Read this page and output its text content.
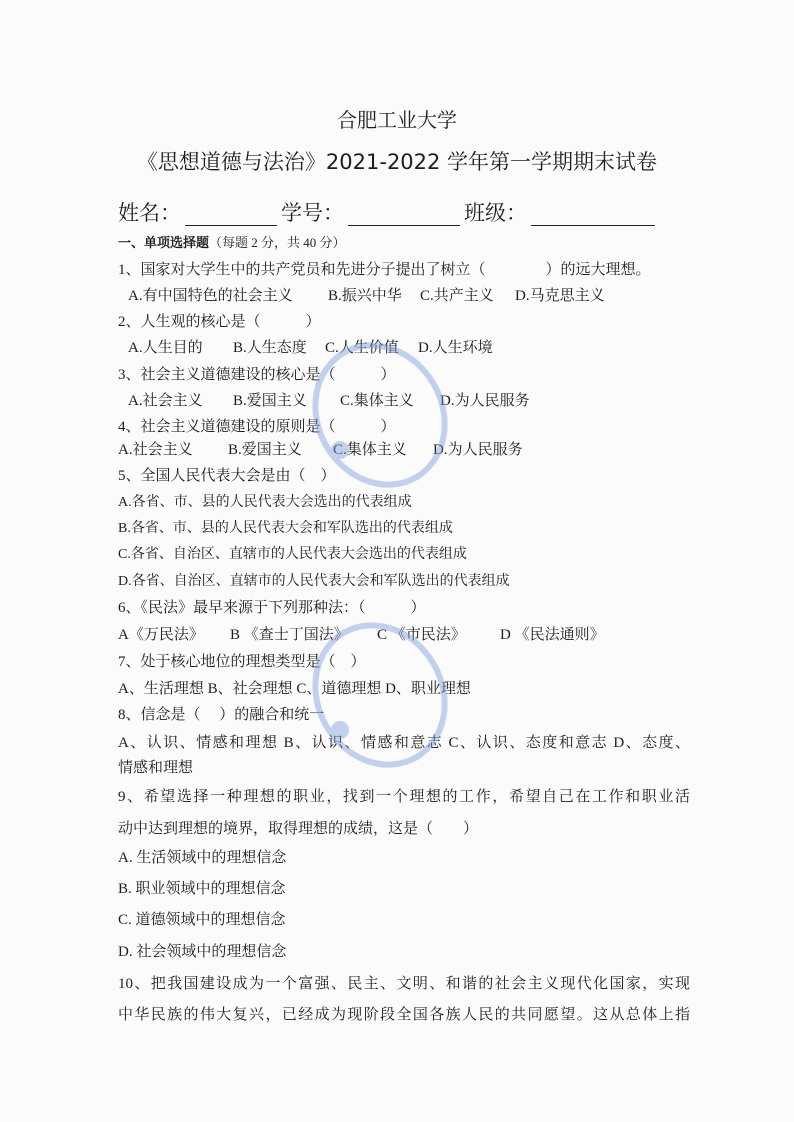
合肥工业大学
《思想道德与法治》2021-2022 学年第一学期期末试卷
姓名：	学号：	班级：
一、单项选择题（每题 2 分，共 40 分）
1、国家对大学生中的共产党员和先进分子提出了树立（　　　　）的远大理想。
A.有中国特色的社会主义 B.振兴中华 C.共产主义 D.马克思主义
2、人生观的核心是（　　　）
A.人生目的 B.人生态度 C.人生价值 D.人生环境
3、社会主义道德建设的核心是（　　　）
A.社会主义 B.爱国主义 C.集体主义 D.为人民服务
4、社会主义道德建设的原则是（　　　）
A.社会主义 B.爱国主义 C.集体主义 D.为人民服务
5、全国人民代表大会是由（　）
A.各省、市、县的人民代表大会选出的代表组成
B.各省、市、县的人民代表大会和军队选出的代表组成
C.各省、自治区、直辖市的人民代表大会选出的代表组成
D.各省、自治区、直辖市的人民代表大会和军队选出的代表组成
6、《民法》最早来源于下列那种法：（　　　）
A《万民法》 B 《查士丁国法》 C 《市民法》 D 《民法通则》
7、处于核心地位的理想类型是（　）
A、生活理想 B、社会理想 C、道德理想 D、职业理想
8、信念是（　 ）的融合和统一
A、认识、情感和理想 B、认识、情感和意志 C、认识、态度和意志 D、态度、
情感和理想
9、希望选择一种理想的职业，找到一个理想的工作，希望自己在工作和职业活
动中达到理想的境界，取得理想的成绩，这是（　　）
A. 生活领域中的理想信念
B. 职业领域中的理想信念
C. 道德领域中的理想信念
D. 社会领域中的理想信念
10、把我国建设成为一个富强、民主、文明、和谐的社会主义现代化国家，实现
中华民族的伟大复兴，已经成为现阶段全国各族人民的共同愿望。这从总体上指
